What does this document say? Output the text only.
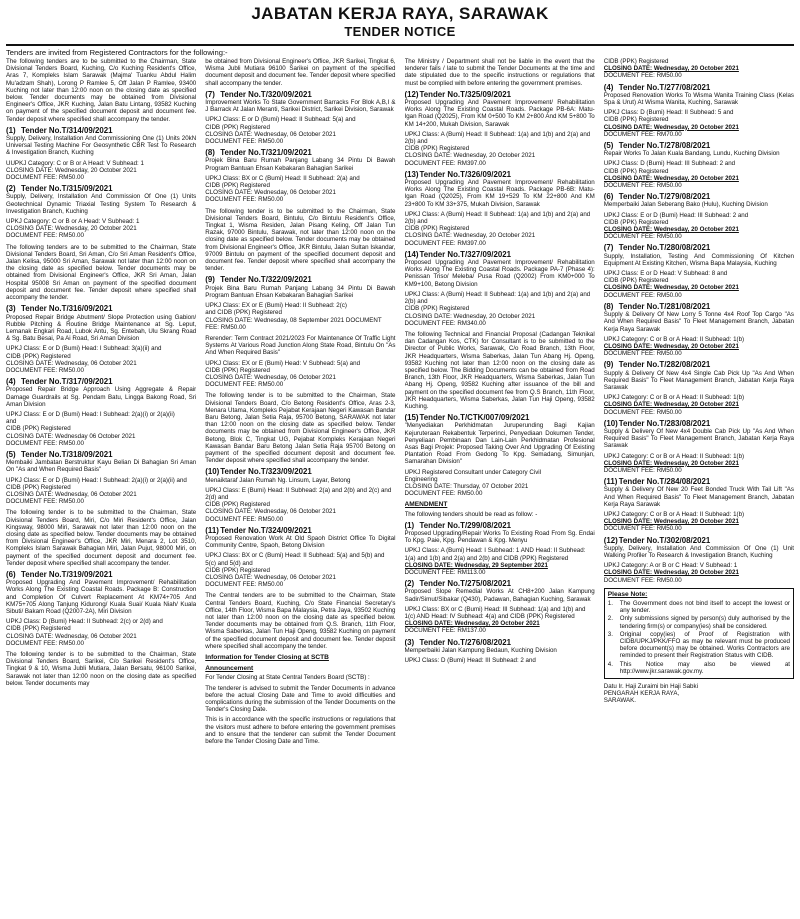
JABATAN KERJA RAYA, SARAWAK
TENDER NOTICE
Tenders are invited from Registered Contractors for the following:-
The following tenders are to be submitted to the Chairman, State Divisional Tenders Board, Kuching, C/o Kuching Resident's Office, Aras 7, Kompleks Islam Sarawak (Majma' Tuanku Abdul Halim Mu'adzam Shah), Lorong P Ramlee 5, Off Jalan P Ramlee, 93400 Kuching not later than 12:00 noon on the closing date as specified below. Tender documents may be obtained from Divisional Engineer's Office, JKR Kuching, Jalan Batu Lintang, 93582 Kuching on payment of the specified document deposit and document fee. Tender deposit where specified shall accompany the tender.
(1) Tender No.T/314/09/2021
Supply, Delivery, Installation And Commissioning One (1) Units 20kN Universal Testing Machine For Geosynthetic CBR Test To Research & Investigation Branch, Kuching
UUPKJ Category: C or B or A Head: V Subhead: 1
CLOSING DATE: Wednesday, 20 October 2021
DOCUMENT FEE: RM50.00
(2) Tender No.T/315/09/2021
Supply, Delivery, Installation And Commission Of One (1) Units Geotechnical Dynamic Triaxial Testing System To Research & Investigation Branch, Kuching
UPKJ Category: C or B or A Head: V Subhead: 1
CLOSING DATE: Wednesday, 20 October 2021
DOCUMENT FEE: RM50.00
The following tenders are to be submitted to the Chairman, State Divisional Tenders Board, Sri Aman, C/o Sri Aman Resident's Office, Jalan Kelisa, 95000 Sri Aman, Sarawak not later than 12:00 noon on the closing date as specified below. Tender documents may be obtained from Divisional Engineer's Office, JKR Sri Aman, Jalan Hospital 95008 Sri Aman on payment of the specified document deposit and document fee. Tender deposit where specified shall accompany the tender.
(3) Tender No.T/316/09/2021
Proposed Repair Bridge Abutment/ Slope Protection using Gabion/ Rubble Pitching & Routine Bridge Maintenance at Sg. Leput, Lemanak Engkari Road, Lubok Antu, Sg. Entebah, Ulu Skrang Road & Sg. Batu Besai, Pa Ai Road, Sri Aman Division
UPKJ Class: E or D (Bumi) Head: I Subhead: 3(a)(ii) and
CIDB (PPK) Registered
CLOSING DATE: Wednesday, 06 October 2021
DOCUMENT FEE: RM50.00
(4) Tender No.T/317/09/2021
Proposed Repair Bridge Approach Using Aggregate & Repair Damage Guardrails at Sg. Pendam Batu, Lingga Bakong Road, Sri Aman Division
UPKJ Class: E or D (Bumi) Head: I Subhead: 2(a)(i) or 2(a)(ii)
and
CIDB (PPK) Registered
CLOSING DATE: Wednesday 06 October 2021
DOCUMENT FEE: RM50.00
(5) Tender No.T/318/09/2021
Membaiki Jambatan Berstruktur Kayu Belian Di Bahagian Sri Aman On "As and When Required Basis"
UPKJ Class: E or D (Bumi) Head: I Subhead: 2(a)(i) or 2(a)(ii) and
CIDB (PPK) Registered
CLOSING DATE: Wednesday, 06 October 2021
DOCUMENT FEE: RM50.00
The following tender is to be submitted to the Chairman, State Divisional Tenders Board, Miri, C/o Miri Resident's Office, Jalan Kingsway, 98000 Miri, Sarawak not later than 12:00 noon on the closing date as specified below. Tender documents may be obtained from Divisional Engineer's Office, JKR Miri, Menara 2, Lot 3510, Kompleks Islam Sarawak Bahagian Miri, Jalan Pujut, 98000 Miri, on payment of the specified document deposit and document fee. Tender deposit where specified shall accompany the tender.
(6) Tender No.T/319/09/2021
Proposed Upgrading And Pavement Improvement/ Rehabilitation Works Along The Existing Coastal Roads. Package B: Construction and Completion Of Culvert Replacement At KM74+705 And KM75+705 Along Tanjung Kidurong/ Kuala Suai/ Kuala Niah/ Kuala Sibuti/ Bakam Road (Q2007-2A), Miri Division
UPKJ Class: D (Bumi) Head: II Subhead: 2(c) or 2(d) and
CIDB (PPK) Registered
CLOSING DATE: Wednesday, 06 October 2021
DOCUMENT FEE: RM50.00
The following tender is to be submitted to the Chairman, State Divisional Tenders Board, Sarikei, C/o Sarikei Resident's Office, Tingkat 9 & 10, Wisma Jubli Mutiara, Jalan Bersatu, 96100 Sarikei, Sarawak not later than 12:00 noon on the closing date as specified below. Tender documents may
be obtained from Divisional Engineer's Office, JKR Sarikei, Tingkat 6, Wisma Jubli Mutiara 96100 Sarikei on payment of the specified document deposit and document fee. Tender deposit where specified shall accompany the tender.
(7) Tender No.T/320/09/2021
Improvement Works To State Government Barracks For Blok A,B,I & J Barrack At Jalan Meranti, Sarikei District, Sarikei Division, Sarawak
UPKJ Class: E or D (Bumi) Head: II Subhead: 5(a) and
CIDB (PPK) Registered
CLOSING DATE: Wednesday, 06 October 2021
DOCUMENT FEE: RM50.00
(8) Tender No.T/321/09/2021
Projek Bina Baru Rumah Panjang Labang 34 Pintu Di Bawah Program Bantuan Ehsan Kebakaran Bahagian Sarikei
UPKJ Class: BX or C (Bumi) Head: II Subhead: 2(a) and
CIDB (PPK) Registered
CLOSING DATE: Wednesday, 06 October 2021
DOCUMENT FEE: RM50.00
The following tender is to be submitted to the Chairman, State Divisional Tenders Board, Bintulu, C/o Bintulu Resident's Office, Tingkat 1, Wisma Residen, Jalan Pisang Keling, Off Jalan Tun Razak, 97000 Bintulu, Sarawak, not later than 12:00 noon on the closing date as specified below. Tender documents may be obtained from Divisional Engineer's Office, JKR Bintulu, Jalan Sultan Iskandar, 97009 Bintulu on payment of the specified document deposit and document fee. Tender deposit where specified shall accompany the tender.
(9) Tender No.T/322/09/2021
Projek Bina Baru Rumah Panjang Labang 34 Pintu Di Bawah Program Bantuan Ehsan Kebakaran Bahagian Sarikei
UPKJ Class: EX or E (Bumi) Head: II Subhead: 2(c)
and CIDB (PPK) Registered
CLOSING DATE: Wednesday, 08 September 2021 DOCUMENT
FEE: RM50.00
Rerender: Term Contract 2021/2023 For Maintenance Of Traffic Light Systems At Various Road Junction Along State Road, Bintulu On "As And When Required Basis"
UPKJ Class: EX or E (Bumi) Head: V Subhead: 5(a) and
CIDB (PPK) Registered
CLOSING DATE: Wednesday, 06 October 2021
DOCUMENT FEE: RM50.00
The following tender is to be submitted to the Chairman, State Divisional Tenders Board, C/o Betong Resident's Office, Aras 2-3, Menara Utama, Kompleks Pejabat Kerajaan Negeri Kawasan Bandar Baru Betong, Jalan Setia Raja, 95700 Betong, SARAWAK not later than 12:00 noon on the closing date as specified below. Tender documents may be obtained from Divisional Engineer's Office, JKR Betong, Blok C, Tingkat UG, Pejabat Kompleks Kerajaan Negeri Kawasan Bandar Baru Betong Jalan Setia Raja 95700 Betong on payment of the specified document deposit and document fee. Tender deposit where specified shall accompany the tender.
(10)Tender No.T/323/09/2021
Menaiktaraf Jalan Rumah Ng. Linsum, Layar, Betong
UPKJ Class: E (Bumi) Head: II Subhead: 2(a) and 2(b) and 2(c) and 2(d) and
CIDB (PPK) Registered
CLOSING DATE: Wednesday, 06 October 2021
DOCUMENT FEE: RM50.00
(11)Tender No.T/324/09/2021
Proposed Renovation Work At Old Spaoh District Office To Digital Community Centre, Spaoh, Betong Division
UPKJ Class: BX or C (Bumi) Head: II Subhead: 5(a) and 5(b) and 5(c) and 5(d) and
CIDB (PPK) Registered
CLOSING DATE: Wednesday, 06 October 2021
DOCUMENT FEE: RM50.00
The Central tenders are to be submitted to the Chairman, State Central Tenders Board, Kuching, C/o State Financial Secretary's Office, 14th Floor, Wisma Bapa Malaysia, Petra Jaya, 93502 Kuching not later than 12:00 noon on the closing date as specified below. Tender documents may be obtained from Q.S. Branch, 11th Floor, Wisma Saberkas, Jalan Tun Haji Openg, 93582 Kuching on payment of the specified document deposit and document fee. Tender deposit where specified shall accompany the tender.
Information for Tender Closing at SCTB
Announcement
For Tender Closing at State Central Tenders Board (SCTB) :
The tenderer is advised to submit the Tender Documents in advance before the actual Closing Date and Time to avoid difficulties and complications during the submission of the Tender Documents on the Tender's Closing Date.
This is in accordance with the specific instructions or regulations that the visitors must adhere to before entering the government premises and to ensure that the tenderer can submit the Tender Document before the Tender Closing Date and Time.
The Ministry / Department shall not be liable in the event that the tenderer fails / late to submit the Tender Documents at the time and date stipulated due to the specific instructions or regulations that must be complied with before entering the government premises.
(12)Tender No.T/325/09/2021
Proposed Upgrading And Pavement Improvement/ Rehabilitation Works Along The Existing Coastal Roads. Package PB-6A: Matu-Igan Road (Q2025), From KM 0+500 To KM 2+800 And KM 5+800 To KM 14+200, Mukah Division, Sarawak
UPKJ Class: A (Bumi) Head: II Subhead: 1(a) and 1(b) and 2(a) and 2(b) and
CIDB (PPK) Registered
CLOSING DATE: Wednesday, 20 October 2021
DOCUMENT FEE: RM397.00
(13)Tender No.T/326/09/2021
Proposed Upgrading And Pavement Improvement/ Rehabilitation Works Along The Existing Coastal Roads. Package PB-6B: Matu-Igan Road (Q2025), From KM 19+529 To KM 22+800 And KM 23+800 To KM 33+375, Mukah Division, Sarawak
UPKJ Class: A (Bumi) Head: II Subhead: 1(a) and 1(b) and 2(a) and 2(b) and
CIDB (PPK) Registered
CLOSING DATE: Wednesday, 20 October 2021
DOCUMENT FEE: RM397.00
(14)Tender No.T/327/09/2021
Proposed Upgrading And Pavement Improvement/ Rehabilitation Works Along The Existing Coastal Roads. Package PA-7 (Phase 4): Penissan Triso/ Meleba/ Pusa Road (Q2002) From KM0+000 To KM9+100, Betong Division
UPKJ Class: A (Bumi) Head: II Subhead: 1(a) and 1(b) and 2(a) and 2(b) and
CIDB (PPK) Registered
CLOSING DATE: Wednesday, 20 October 2021
DOCUMENT FEE: RM340.00
The following Technical and Financial Proposal (Cadangan Teknikal dan Cadangan Kos, CTK) for Consultant is to be submitted to the Director of Public Works, Sarawak, C/o Road Branch, 13th Floor, JKR Headquarters, Wisma Saberkas, Jalan Tun Abang Hj. Openg, 93582 Kuching not later than 12:00 noon on the closing date as specified below. The Bidding Documents can be obtained from Road Branch, 13th Floor, JKR Headquarters, Wisma Saberkas, Jalan Tun Abang Hj. Openg, 93582 Kuching after issuance of the bill and payment on the specified document fee from Q.S Branch, 11th Floor, JKR Headquarters, Wisma Saberkas, Jalan Tun Haji Openg, 93582 Kuching.
(15)Tender No.T/CTK/007/09/2021
"Menyediakan Perkhidmatan Juruperunding Bagi Kajian Kejuruteraan Rekabentuk Terperinci, Penyediaan Dokumen Tender, Penyeliaan Pembinaan Dan Lain-Lain Perkhidmatan Profesional Asas Bagi Projek: Proposed Taking Over And Upgrading Of Existing Plantation Road From Gedong To Kpg. Semadang, Simunjan, Samarahan Division"
UPKJ Registered Consultant under Category Civil
Engineering
CLOSING DATE: Thursday, 07 October 2021
DOCUMENT FEE: RM50.00
AMENDMENT
The following tenders should be read as follow: -
(1) Tender No.T/299/08/2021
Proposed Upgrading/Repair Works To Existing Road From Sg. Endai To Kpg. Paie, Kpg. Pendawan & Kpg. Menyu
UPKJ Class: A (Bumi) Head: I Subhead: 1 AND Head: II Subhead: 1(a) and 1(b) and 2(a) and 2(b) and CIDB (PPK) Registered
CLOSING DATE: Wednesday, 29 September 2021
DOCUMENT FEE: RM113.00
(2) Tender No.T/275/08/2021
Proposed Slope Remedial Works At CH8+200 Jalan Kampung Sadir/Simut/Sibakar (Q430), Padawan, Bahagian Kuching, Sarawak
UPKJ Class: BX or C (Bumi) Head: III Subhead: 1(a) and 1(b) and 1(c) AND Head: IV Subhead: 4(a) and CIDB (PPK) Registered
CLOSING DATE: Wednesday, 20 October 2021
DOCUMENT FEE: RM137.00
(3) Tender No.T/276/08/2021
Memperbaiki Jalan Kampung Bedaun, Kuching Division
UPKJ Class: D (Bumi) Head: III Subhead: 2 and
CIDB (PPK) Registered
CLOSING DATE: Wednesday, 20 October 2021
DOCUMENT FEE: RM50.00
(4) Tender No.T/277/08/2021
Proposed Renovation Works To Wisma Wanita Training Class (Kelas Spa & Urut) At Wisma Wanita, Kuching, Sarawak
UPKJ Class: D (Bumi) Head: II Subhead: 5 and
CIDB (PPK) Registered
CLOSING DATE: Wednesday, 20 October 2021
DOCUMENT FEE: RM70.00
(5) Tender No.T/278/08/2021
Repair Works To Jalan Kuala Bandang, Lundu, Kuching Division
UPKJ Class: D (Bumi) Head: III Subhead: 2 and
CIDB (PPK) Registered
CLOSING DATE: Wednesday, 20 October 2021
DOCUMENT FEE: RM50.00
(6) Tender No.T/279/08/2021
Memperbaiki Jalan Seberang Bako (Hulu), Kuching Division
UPKJ Class: E or D (Bumi) Head: III Subhead: 2 and
CIDB (PPK) Registered
CLOSING DATE: Wednesday, 20 October 2021
DOCUMENT FEE: RM50.00
(7) Tender No.T/280/08/2021
Supply, Installation, Testing And Commissioning Of Kitchen Equipment At Existing Kitchen, Wisma Bapa Malaysia, Kuching
UPKJ Class: E or D Head: V Subhead: 8 and
CIDB (PPK) Registered
CLOSING DATE: Wednesday, 20 October 2021
DOCUMENT FEE: RM50.00
(8) Tender No.T/281/08/2021
Supply & Delivery Of New Lorry 5 Tonne 4x4 Roof Top Cargo "As And When Required Basis" To Fleet Management Branch, Jabatan Kerja Raya Sarawak
UPKJ Category: C or B or A Head: II Subhead: 1(b)
CLOSING DATE: Wednesday, 20 October 2021
DOCUMENT FEE: RM50.00
(9) Tender No.T/282/08/2021
Supply & Delivery Of New 4x4 Single Cab Pick Up "As And When Required Basis" To Fleet Management Branch, Jabatan Kerja Raya Sarawak
UPKJ Category: C or B or A Head: II Subhead: 1(b)
CLOSING DATE: Wednesday, 20 October 2021
DOCUMENT FEE: RM50.00
(10)Tender No.T/283/08/2021
Supply & Delivery Of New 4x4 Double Cab Pick Up "As And When Required Basis" To Fleet Management Branch, Jabatan Kerja Raya Sarawak
UPKJ Category: C or B or A Head: II Subhead: 1(b)
CLOSING DATE: Wednesday, 20 October 2021
DOCUMENT FEE: RM50.00
(11)Tender No.T/284/08/2021
Supply & Delivery Of New 20 Feet Bonded Truck With Tail Lift "As And When Required Basis" To Fleet Management Branch, Jabatan Kerja Raya Sarawak
UPKJ Category: C or B or A Head: II Subhead: 1(b)
CLOSING DATE: Wednesday, 20 October 2021
DOCUMENT FEE: RM50.00
(12)Tender No.T/302/08/2021
Supply, Delivery, Installation And Commission Of One (1) Unit Walking Profiler To Research & Investigation Branch, Kuching
UPKJ Category: A or B or C Head: V Subhead: 1
CLOSING DATE: Wednesday, 20 October 2021
DOCUMENT FEE: RM50.00
Please Note:
1.	The Government does not bind itself to accept the lowest or any tender.
2.	Only submissions signed by person(s) duly authorised by the tendering firm(s) or company(ies) shall be considered.
3.	Original copy(ies) of Proof of Registration with CIDB/UPKJ/PKK/FFO as may be relevant must be produced before document(s) may be obtained. Works Contractors are reminded to present their Registration Status with CIDB.
4.	This Notice may also be viewed at http://www.jkr.sarawak.gov.my.
Datu Ir. Haji Zuraimi bin Haji Sabki
PENGARAH KERJA RAYA,
SARAWAK.
